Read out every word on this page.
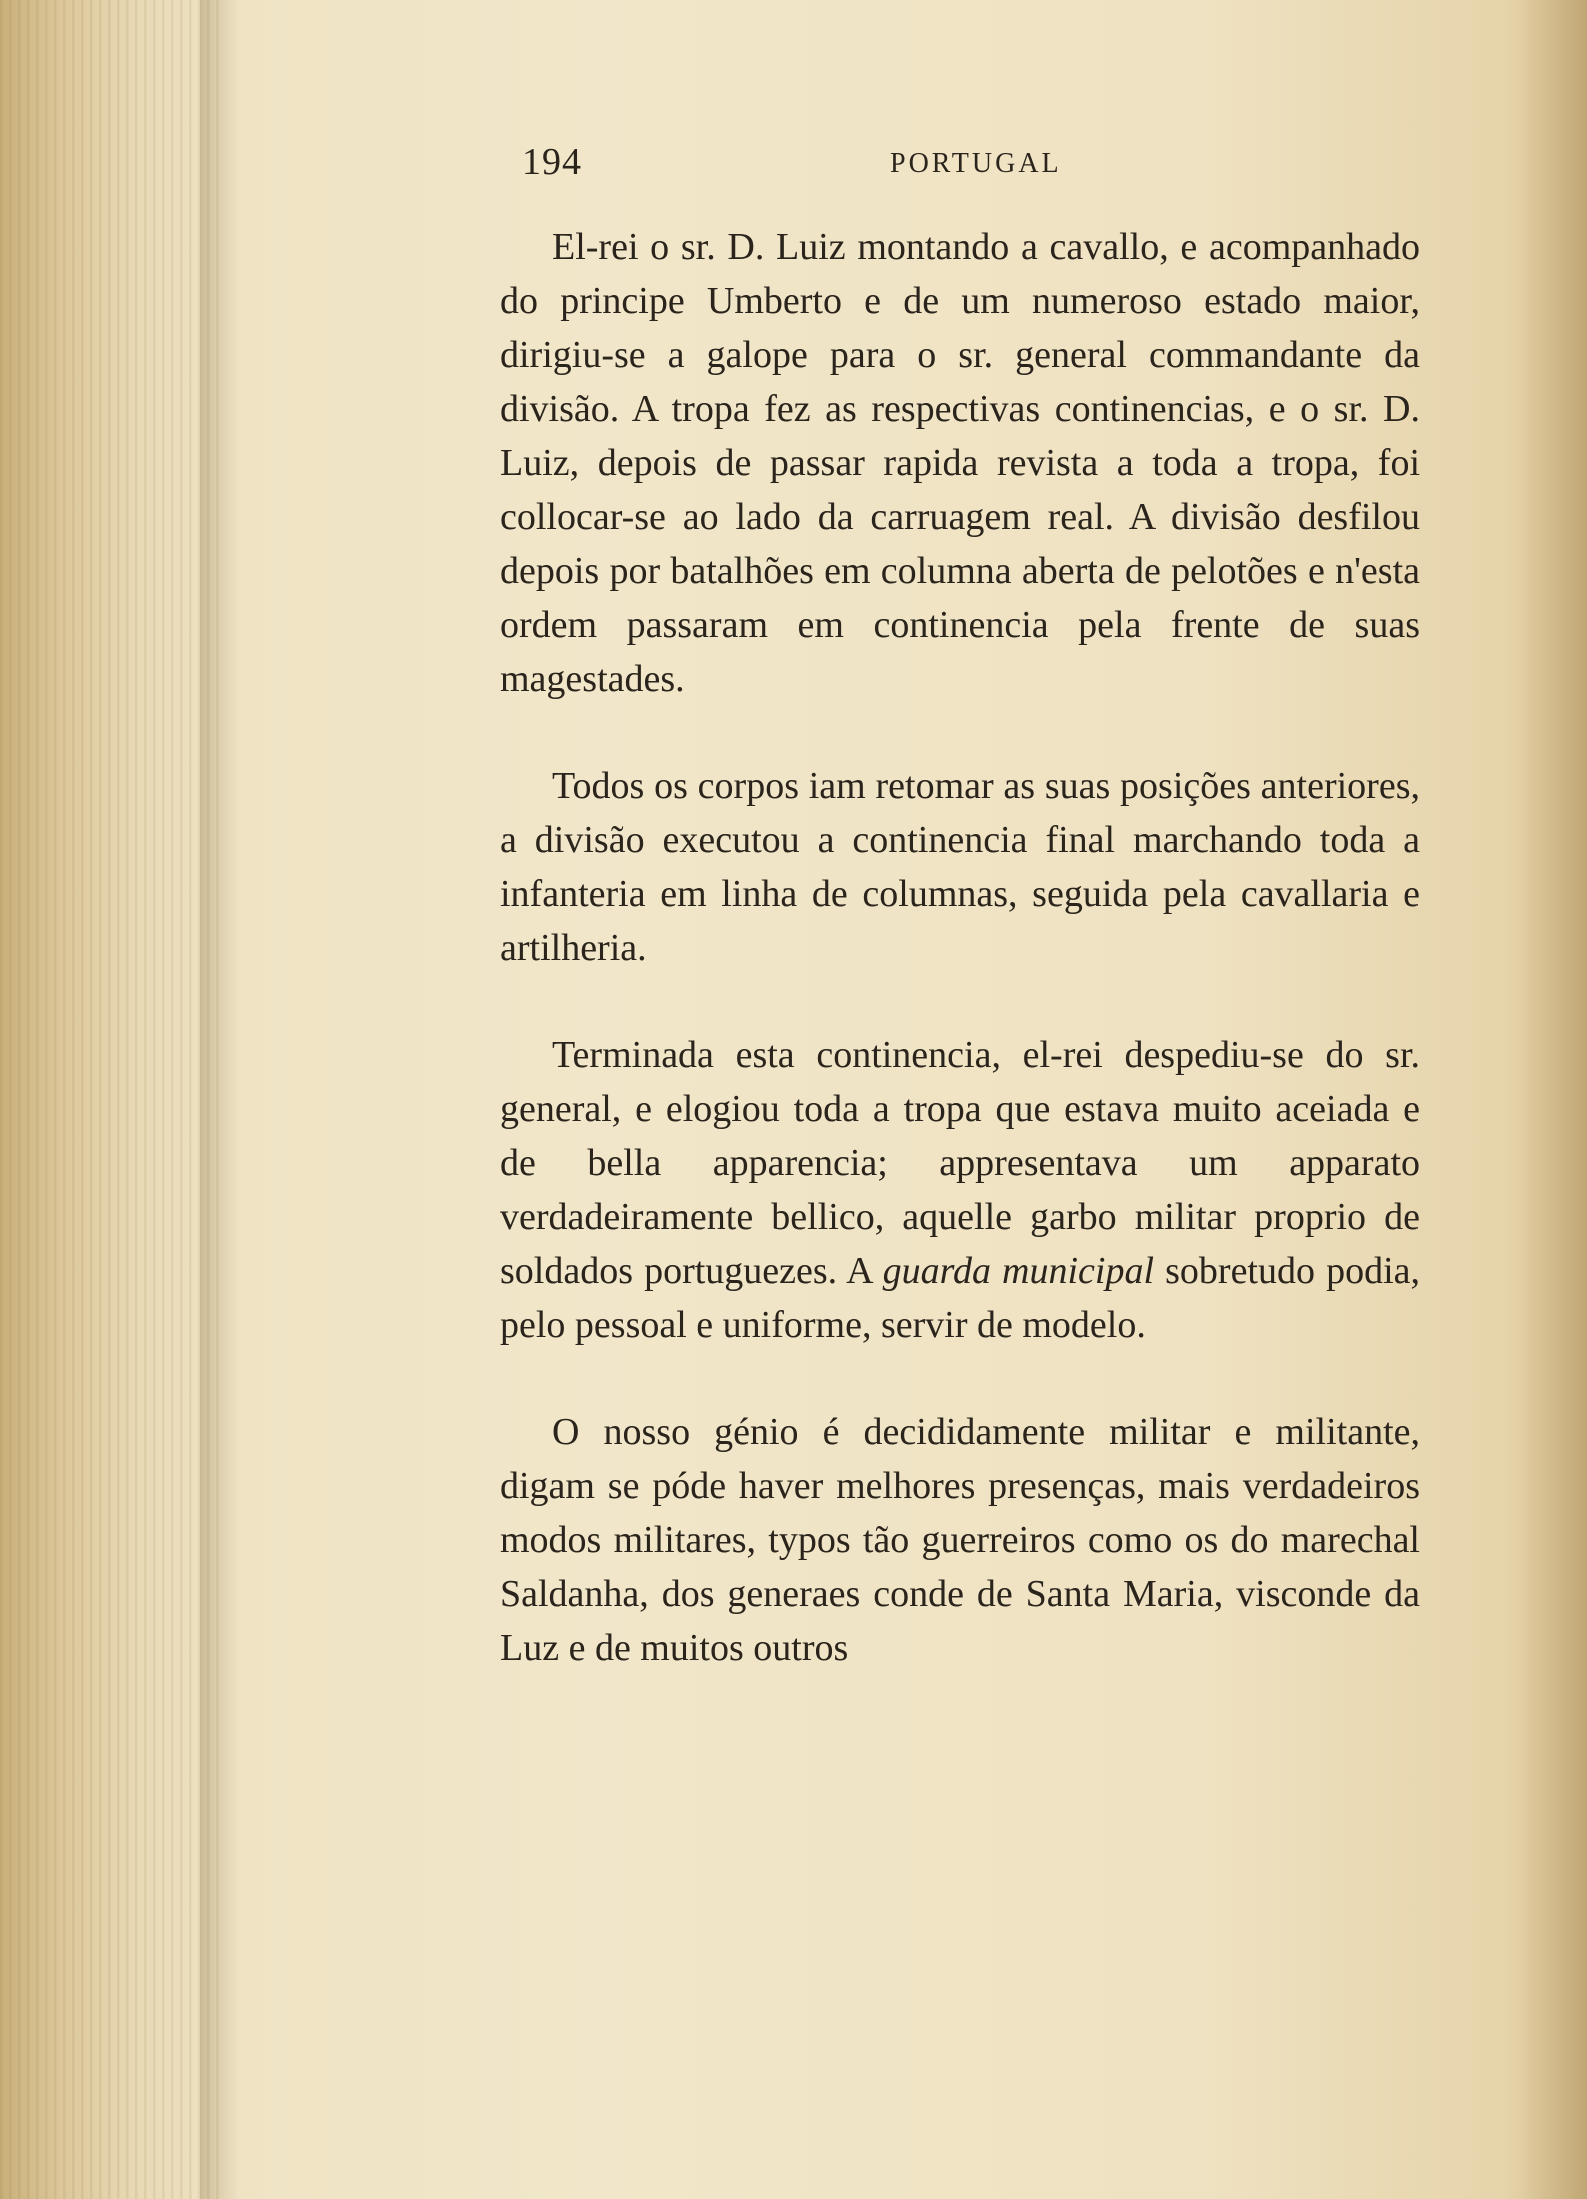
194	PORTUGAL

El-rei o sr. D. Luiz montando a cavallo, e acompanhado do principe Umberto e de um numeroso estado maior, dirigiu-se a galope para o sr. general commandante da divisão. A tropa fez as respectivas continencias, e o sr. D. Luiz, depois de passar rapida revista a toda a tropa, foi collocar-se ao lado da carruagem real. A divisão desfilou depois por batalhões em columna aberta de pelotões e n'esta ordem passaram em continencia pela frente de suas magestades.

Todos os corpos iam retomar as suas posições anteriores, a divisão executou a continencia final marchando toda a infanteria em linha de columnas, seguida pela cavallaria e artilheria.

Terminada esta continencia, el-rei despediu-se do sr. general, e elogiou toda a tropa que estava muito aceiada e de bella apparencia; appresentava um apparato verdadeiramente bellico, aquelle garbo militar proprio de soldados portuguezes. A guarda municipal sobretudo podia, pelo pessoal e uniforme, servir de modelo.

O nosso génio é decididamente militar e militante, digam se póde haver melhores presenças, mais verdadeiros modos militares, typos tão guerreiros como os do marechal Saldanha, dos generaes conde de Santa Maria, visconde da Luz e de muitos outros
